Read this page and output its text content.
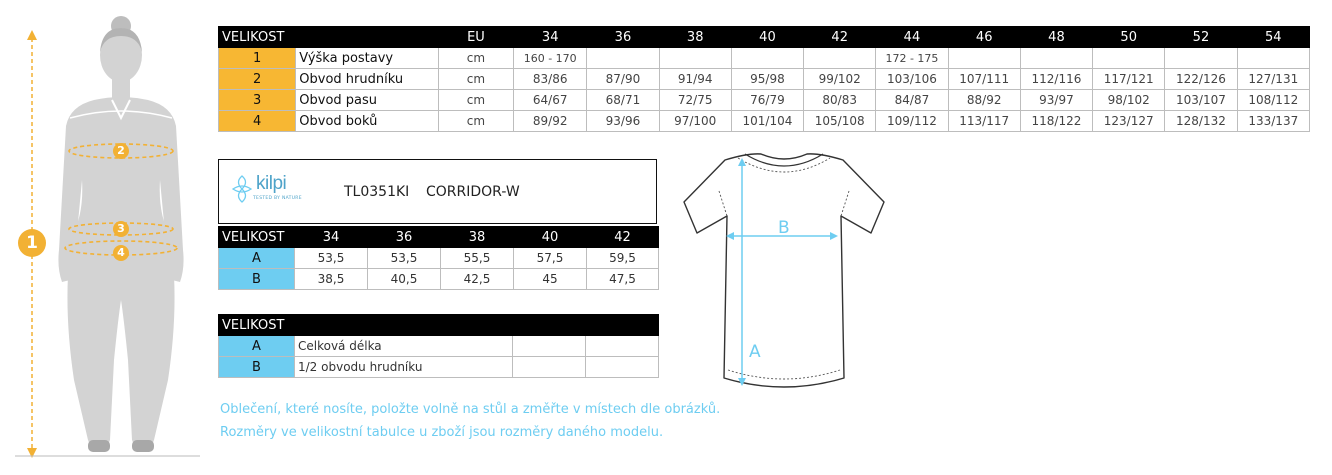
1
2
3
4
VELIKOST		EU	34	36	38	40	42	44	46	48	50	52	54
1	Výška postavy	cm	160 - 170					172 - 175					
2	Obvod hrudníku	cm	83/86	87/90	91/94	95/98	99/102	103/106	107/111	112/116	117/121	122/126	127/131
3	Obvod pasu	cm	64/67	68/71	72/75	76/79	80/83	84/87	88/92	93/97	98/102	103/107	108/112
4	Obvod boků	cm	89/92	93/96	97/100	101/104	105/108	109/112	113/117	118/122	123/127	128/132	133/137
kilpi
TESTED BY NATURE	TL0351KI CORRIDOR-W
VELIKOST	34	36	38	40	42
A	53,5	53,5	55,5	57,5	59,5
B	38,5	40,5	42,5	45	47,5
VELIKOST			
A	Celková délka		
B	1/2 obvodu hrudníku		
Oblečení, které nosíte, položte volně na stůl a změřte v místech dle obrázků.
Rozměry ve velikostní tabulce u zboží jsou rozměry daného modelu.
B
A
